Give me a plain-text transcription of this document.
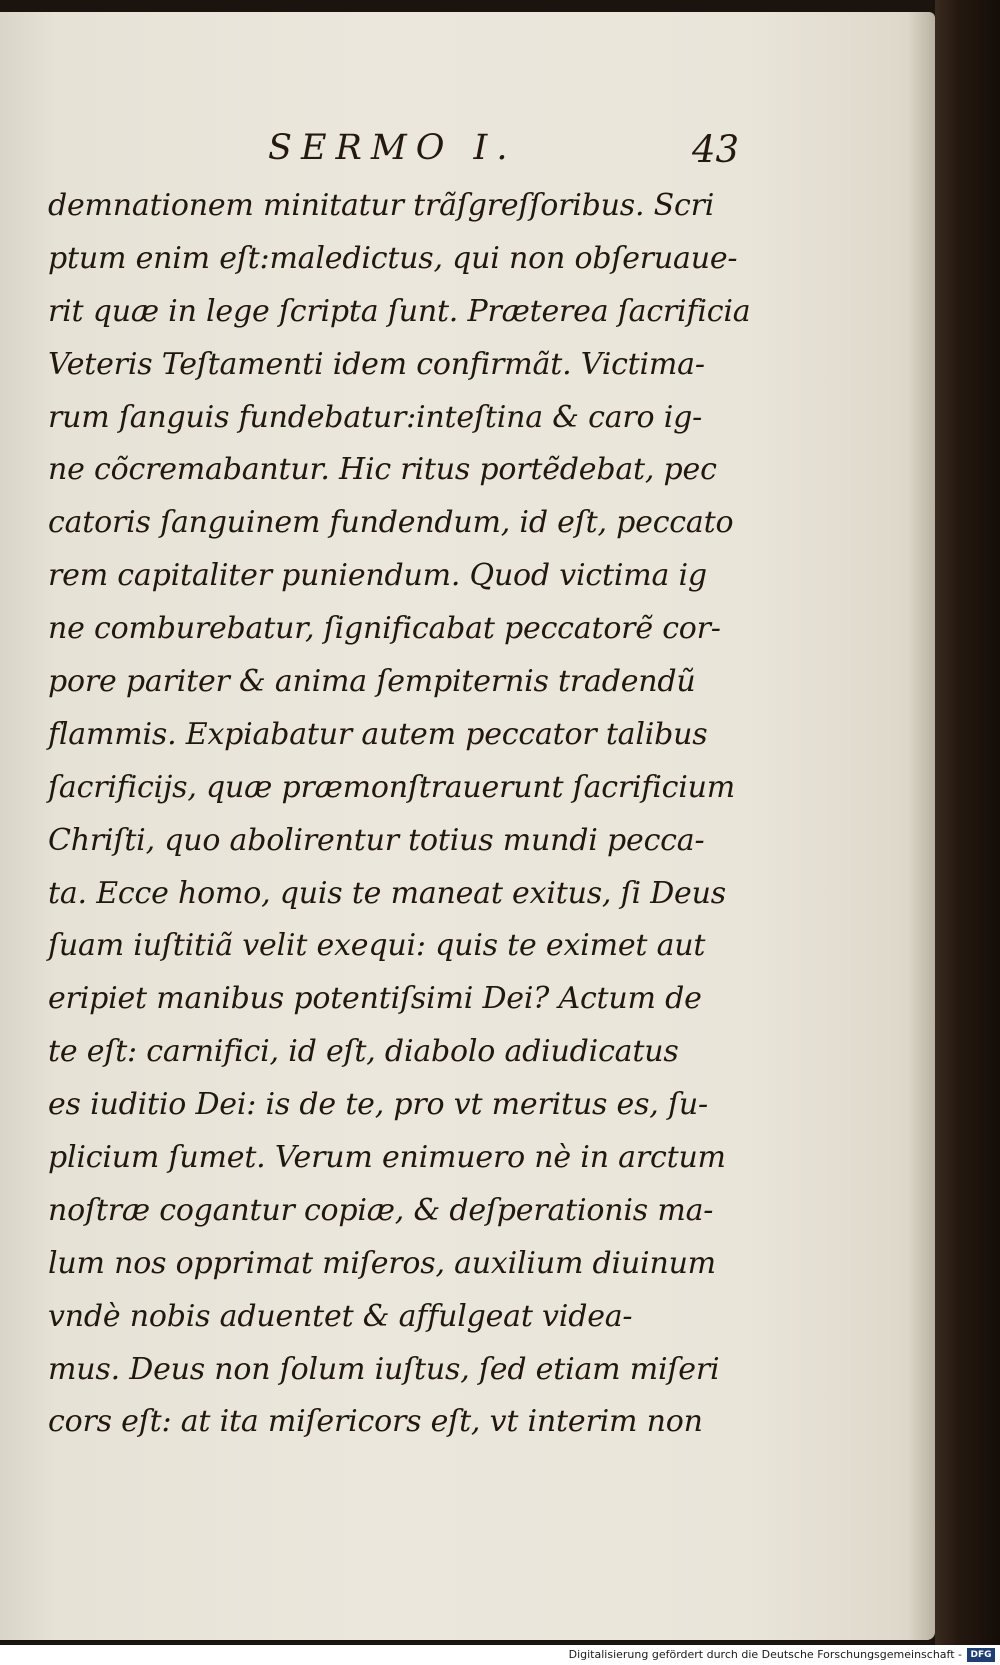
SERMO I.	43
demnationem minitatur trãſgreſſoribus. Scri
ptum enim eſt:maledictus, qui non obſeruaue-
rit quæ in lege ſcripta ſunt. Præterea ſacrificia
Veteris Teſtamenti idem confirmãt. Victima-
rum ſanguis fundebatur:inteſtina & caro ig-
ne cõcremabantur. Hic ritus portẽdebat, pec
catoris ſanguinem fundendum, id eſt, peccato
rem capitaliter puniendum. Quod victima ig
ne comburebatur, ſignificabat peccatorẽ cor-
pore pariter & anima ſempiternis tradendũ
flammis. Expiabatur autem peccator talibus
ſacrificijs, quæ præmonſtrauerunt ſacrificium
Chriſti, quo abolirentur totius mundi pecca-
ta. Ecce homo, quis te maneat exitus, ſi Deus
ſuam iuſtitiã velit exequi: quis te eximet aut
eripiet manibus potentiſsimi Dei? Actum de
te eſt: carnifici, id eſt, diabolo adiudicatus
es iuditio Dei: is de te, pro vt meritus es, ſu-
plicium ſumet. Verum enimuero nè in arctum
noſtræ cogantur copiæ, & deſperationis ma-
lum nos opprimat miſeros, auxilium diuinum
vndè nobis aduentet & affulgeat videa-
mus. Deus non ſolum iuſtus, ſed etiam miſeri
cors eſt: at ita miſericors eſt, vt interim non
Digitalisierung gefördert durch die Deutsche Forschungsgemeinschaft - DFG
